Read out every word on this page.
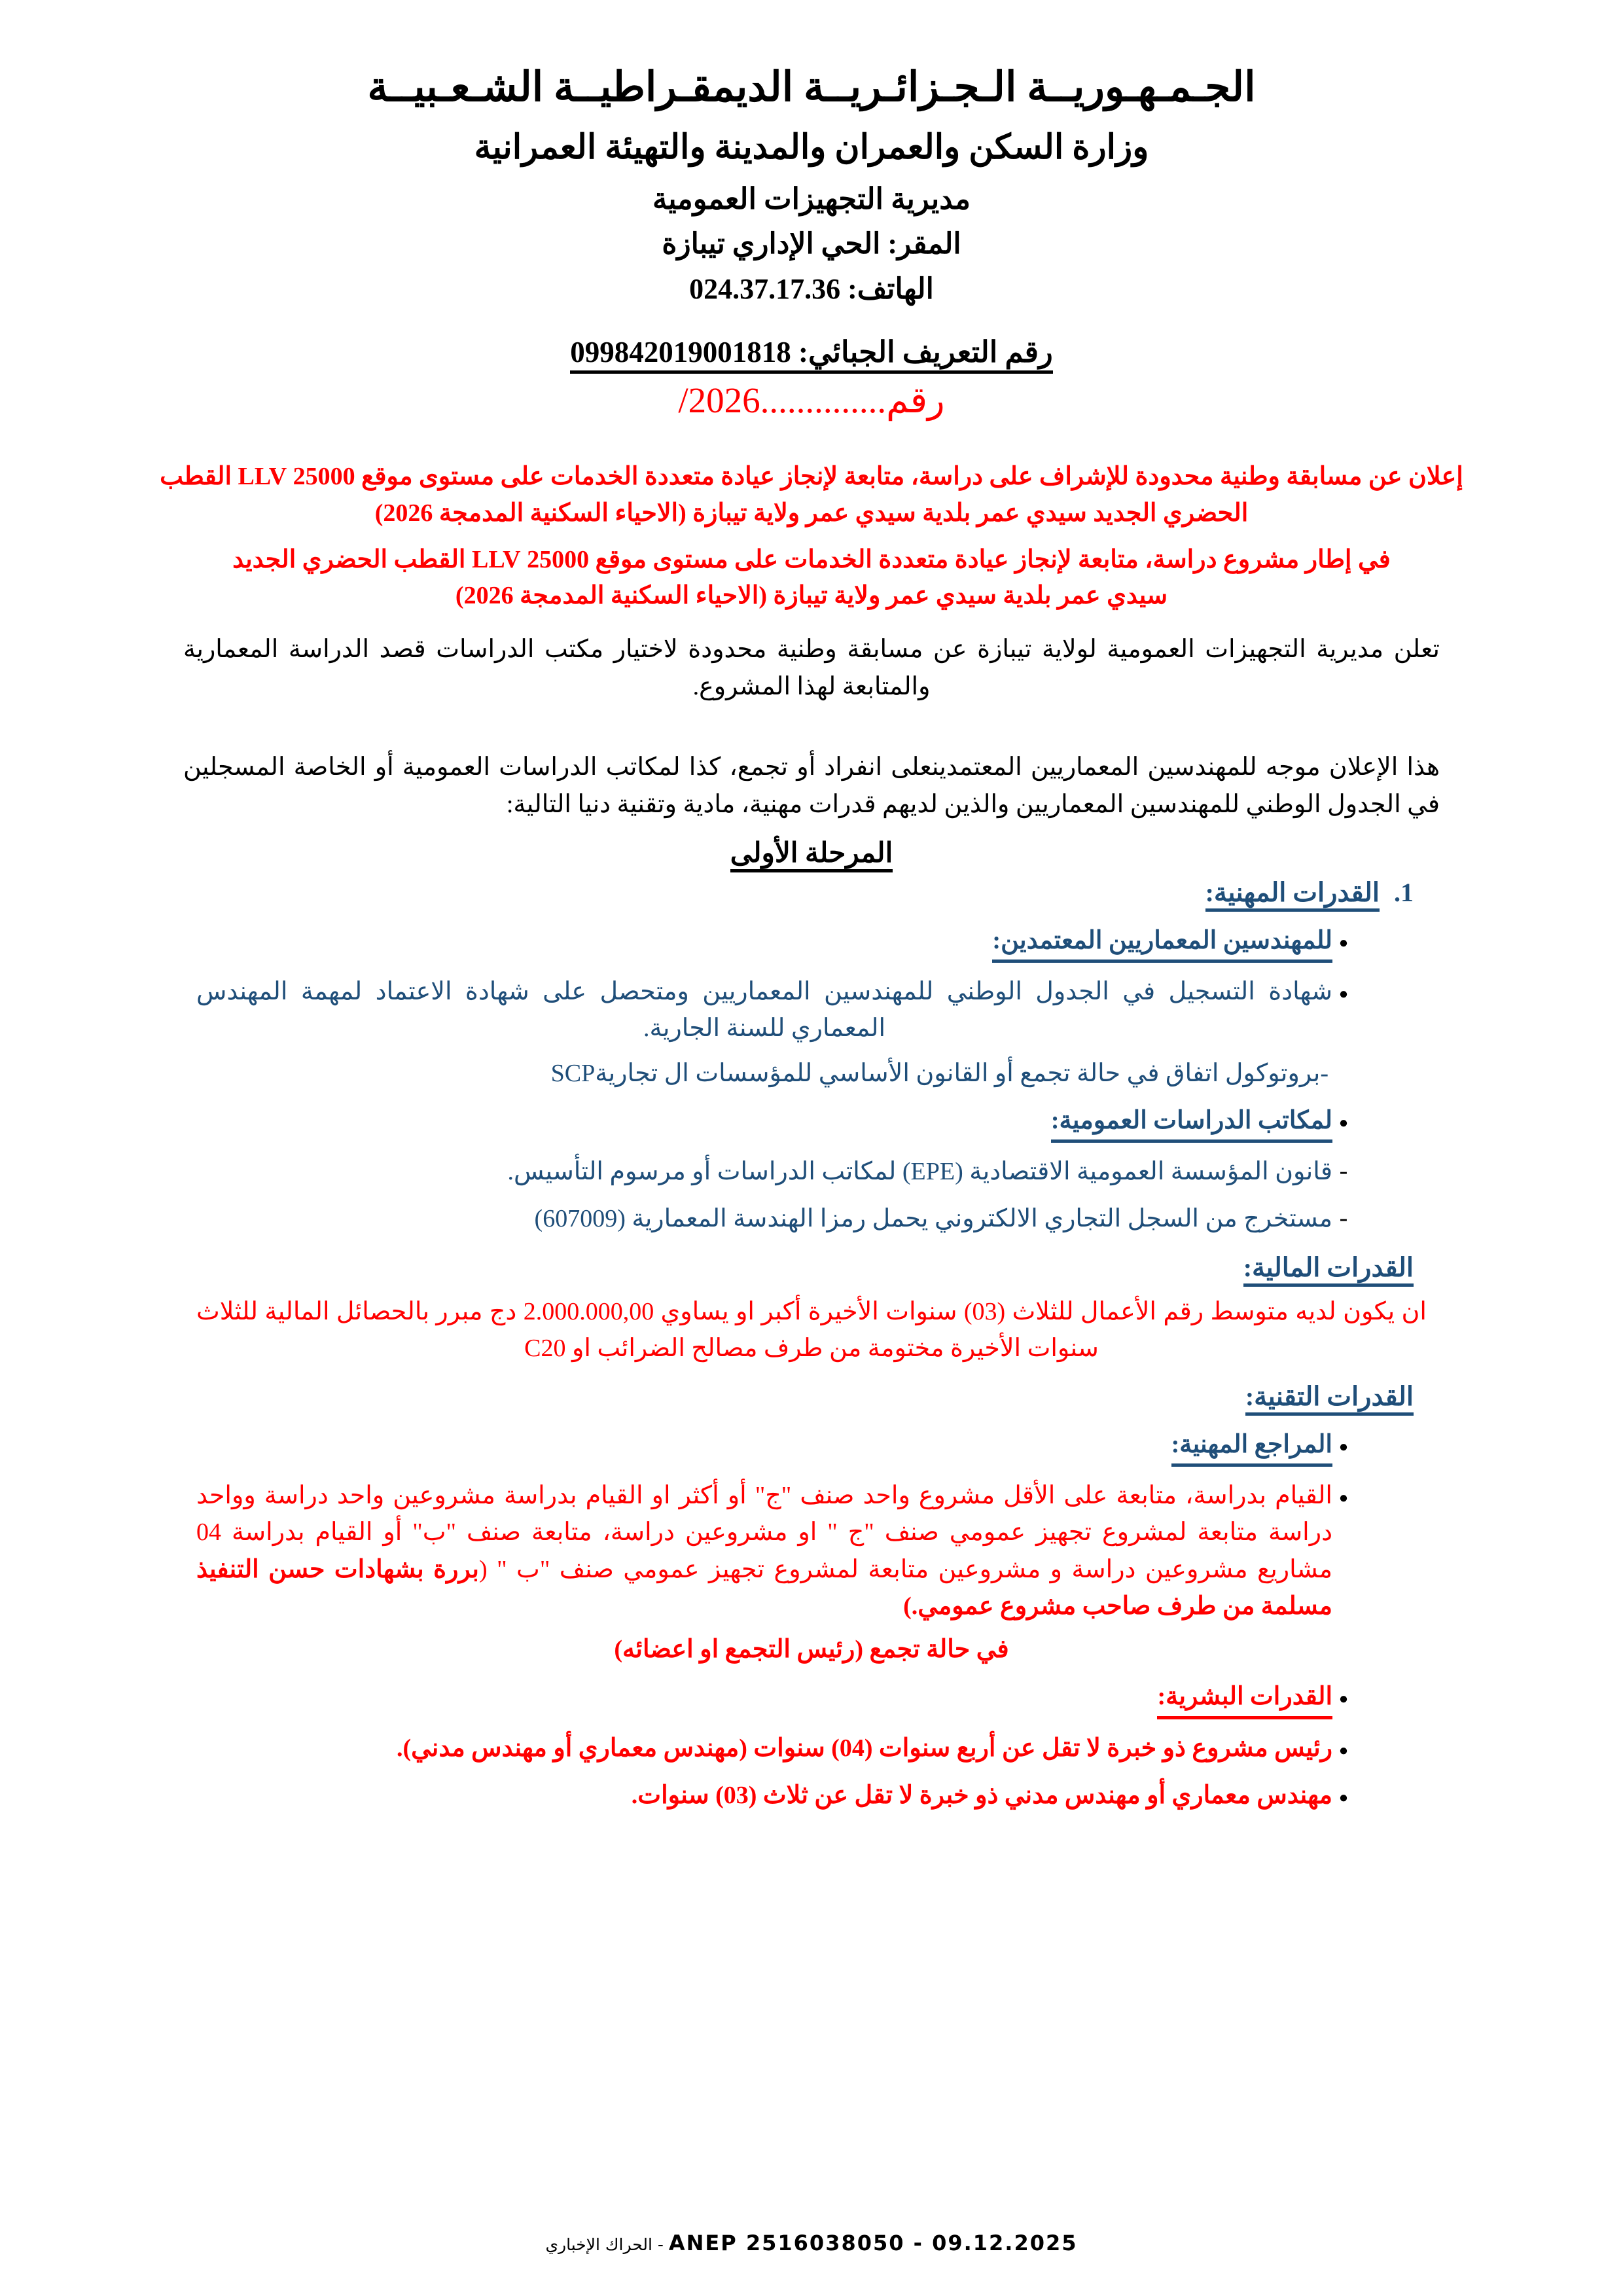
الجـمـهـوريــة الـجـزائـريــة الديمقـراطيــة الشـعـبيــة
وزارة السكن والعمران والمدينة والتهيئة العمرانية
مديرية التجهيزات العمومية
المقر: الحي الإداري تيبازة
الهاتف: 024.37.17.36
رقم التعريف الجبائي: 099842019001818
رقم............../2026
إعلان عن مسابقة وطنية محدودة للإشراف على دراسة، متابعة لإنجاز عيادة متعددة الخدمات على مستوى موقع 25000 LLV القطب الحضري الجديد سيدي عمر بلدية سيدي عمر ولاية تيبازة (الاحياء السكنية المدمجة 2026)
في إطار مشروع دراسة، متابعة لإنجاز عيادة متعددة الخدمات على مستوى موقع 25000 LLV القطب الحضري الجديد سيدي عمر بلدية سيدي عمر ولاية تيبازة (الاحياء السكنية المدمجة 2026)
تعلن مديرية التجهيزات العمومية لولاية تيبازة عن مسابقة وطنية محدودة لاختيار مكتب الدراسات قصد الدراسة المعمارية والمتابعة لهذا المشروع.
هذا الإعلان موجه للمهندسين المعماريين المعتمدينعلى انفراد أو تجمع، كذا لمكاتب الدراسات العمومية أو الخاصة المسجلين في الجدول الوطني للمهندسين المعماريين والذين لديهم قدرات مهنية، مادية وتقنية دنيا التالية:
المرحلة الأولى
1.
القدرات المهنية:
●
للمهندسين المعماريين المعتمدين:
●
شهادة التسجيل في الجدول الوطني للمهندسين المعماريين ومتحصل على شهادة الاعتماد لمهمة المهندس المعماري للسنة الجارية.
-بروتوكول اتفاق في حالة تجمع أو القانون الأساسي للمؤسسات ال تجاريةSCP
●
لمكاتب الدراسات العمومية:
-
قانون المؤسسة العمومية الاقتصادية (EPE) لمكاتب الدراسات أو مرسوم التأسيس.
-
مستخرج من السجل التجاري الالكتروني يحمل رمزا الهندسة المعمارية (607009)
القدرات المالية:
ان يكون لديه متوسط رقم الأعمال للثلاث (03) سنوات الأخيرة أكبر او يساوي 2.000.000,00 دج مبرر بالحصائل المالية للثلاث سنوات الأخيرة مختومة من طرف مصالح الضرائب او C20
القدرات التقنية:
●
المراجع المهنية:
●
القيام بدراسة، متابعة على الأقل مشروع واحد صنف "ج" أو أكثر او القيام بدراسة مشروعين واحد دراسة وواحد دراسة متابعة لمشروع تجهيز عمومي صنف "ج " او مشروعين دراسة، متابعة صنف "ب" أو القيام بدراسة 04 مشاريع مشروعين دراسة و مشروعين متابعة لمشروع تجهيز عمومي صنف "ب " (بررة بشهادات حسن التنفيذ مسلمة من طرف صاحب مشروع عمومي.)
في حالة تجمع (رئيس التجمع او اعضائه)
●
القدرات البشرية:
●
رئيس مشروع ذو خبرة لا تقل عن أربع سنوات (04) سنوات (مهندس معماري أو مهندس مدني).
●
مهندس معماري أو مهندس مدني ذو خبرة لا تقل عن ثلاث (03) سنوات.
ANEP 2516038050 - 09.12.2025 - الحراك الإخباري
